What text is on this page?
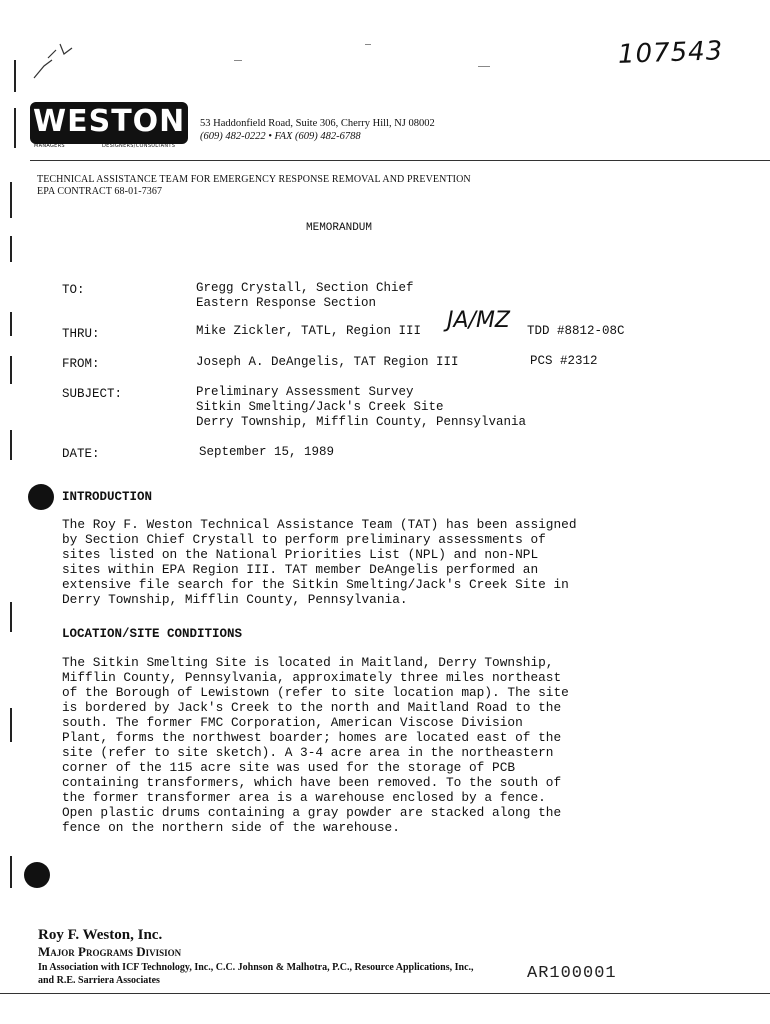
107543
WESTON
MANAGERS	DESIGNERS/CONSULTANTS
53 Haddonfield Road, Suite 306, Cherry Hill, NJ 08002
(609) 482-0222 • FAX (609) 482-6788
TECHNICAL ASSISTANCE TEAM FOR EMERGENCY RESPONSE REMOVAL AND PREVENTION
EPA CONTRACT 68-01-7367
MEMORANDUM
TO:	Gregg Crystall, Section Chief
Eastern Response Section
THRU:	Mike Zickler, TATL, Region III JA/MZ TDD #8812-08C
FROM:	Joseph A. DeAngelis, TAT Region III	PCS #2312
SUBJECT:	Preliminary Assessment Survey
Sitkin Smelting/Jack's Creek Site
Derry Township, Mifflin County, Pennsylvania
DATE:	September 15, 1989
INTRODUCTION

The Roy F. Weston Technical Assistance Team (TAT) has been assigned

by Section Chief Crystall to perform preliminary assessments of

sites listed on the National Priorities List (NPL) and non-NPL

sites within EPA Region III. TAT member DeAngelis performed an

extensive file search for the Sitkin Smelting/Jack's Creek Site in

Derry Township, Mifflin County, Pennsylvania.

LOCATION/SITE CONDITIONS

The Sitkin Smelting Site is located in Maitland, Derry Township,

Mifflin County, Pennsylvania, approximately three miles northeast

of the Borough of Lewistown (refer to site location map). The site

is bordered by Jack's Creek to the north and Maitland Road to the

south. The former FMC Corporation, American Viscose Division

Plant, forms the northwest boarder; homes are located east of the

site (refer to site sketch). A 3-4 acre area in the northeastern

corner of the 115 acre site was used for the storage of PCB

containing transformers, which have been removed. To the south of

the former transformer area is a warehouse enclosed by a fence.

Open plastic drums containing a gray powder are stacked along the

fence on the northern side of the warehouse.

Roy F. Weston, Inc.
Major Programs Division
In Association with ICF Technology, Inc., C.C. Johnson & Malhotra, P.C., Resource Applications, Inc.,
and R.E. Sarriera Associates	AR100001
